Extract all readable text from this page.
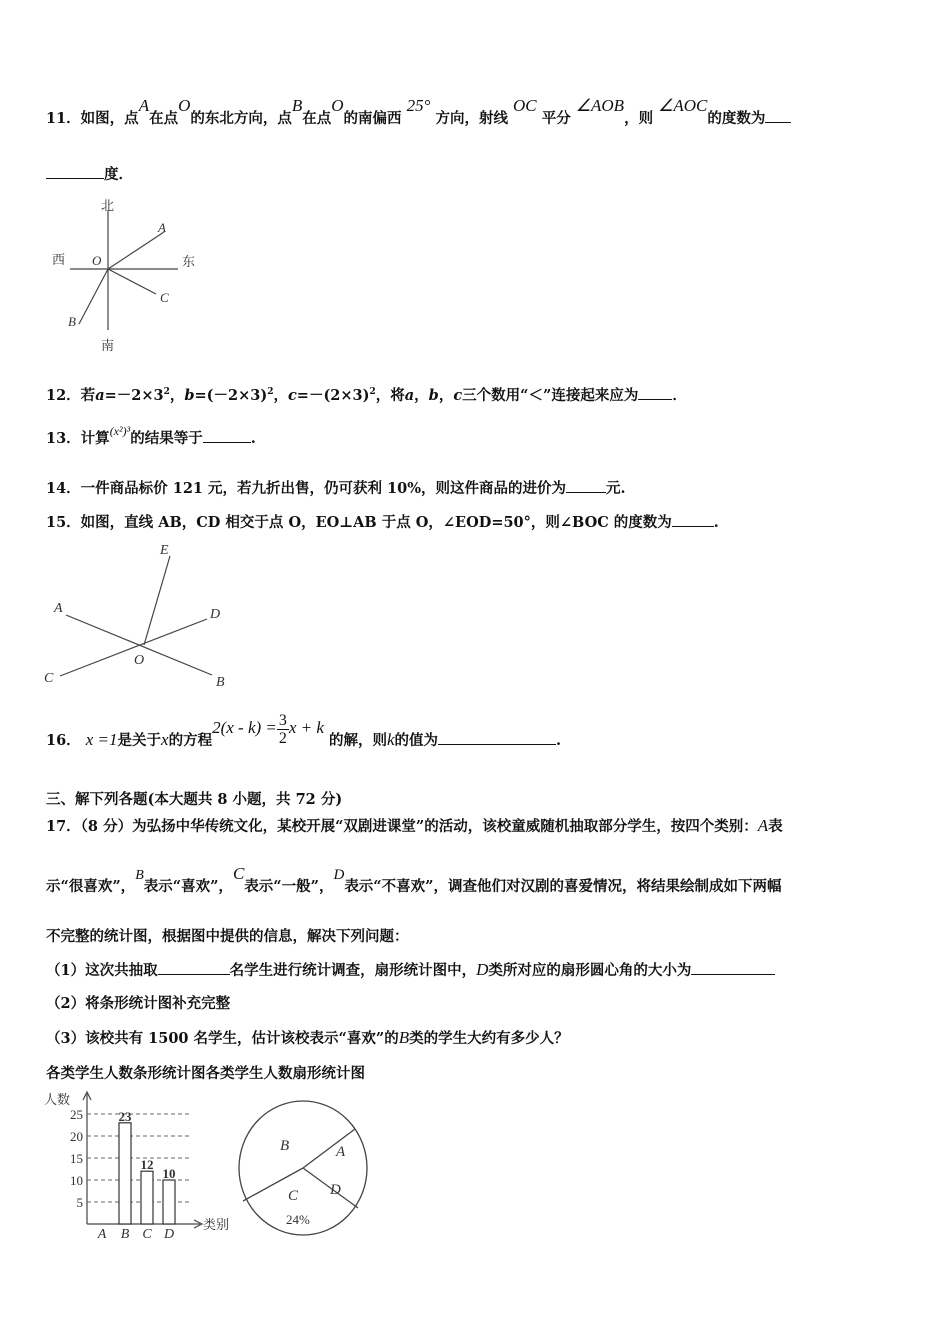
11．如图，点A在点O的东北方向，点B在点O的南偏西 25° 方向，射线 OC 平分 ∠AOB，则 ∠AOC的度数为
度．
北
南
西	东
O
A
B
C
12．若$a=-2\times 3^2$，$b=(-2\times 3)^2$，$c=-(2\times 3)^2$，将a，b，c三个数用“＜”连接起来应为 ．
13．计算$^{(x^2)^3}$的结果等于	.
14．一件商品标价 121 元，若九折出售，仍可获利 10%，则这件商品的进价为	元.
15．如图，直线 AB，CD 相交于点 O，EO⊥AB 于点 O，∠EOD=50°，则∠BOC 的度数为	.
E
A	D
O
C	B
16． x =1是关于x的方程$2(x - k) = \frac{3}{2}$ x + k 的解，则k的值为	.
三、解下列各题(本大题共 8 小题，共 72 分)
17．（8 分）为弘扬中华传统文化，某校开展“双剧进课堂”的活动，该校童威随机抽取部分学生，按四个类别：A表
示“很喜欢”，B表示“喜欢”，C表示“一般”，D表示“不喜欢”，调查他们对汉剧的喜爱情况，将结果绘制成如下两幅
不完整的统计图，根据图中提供的信息，解决下列问题：
（1）这次共抽取	名学生进行统计调查，扇形统计图中，D类所对应的扇形圆心角的大小为
（2）将条形统计图补充完整
（3）该校共有 1500 名学生，估计该校表示“喜欢”的B类的学生大约有多少人？
各类学生人数条形统计图各类学生人数扇形统计图
5
10
15
20
25
A
23
B
12
C
10
D
人数
类别
B	A
C D
24%
